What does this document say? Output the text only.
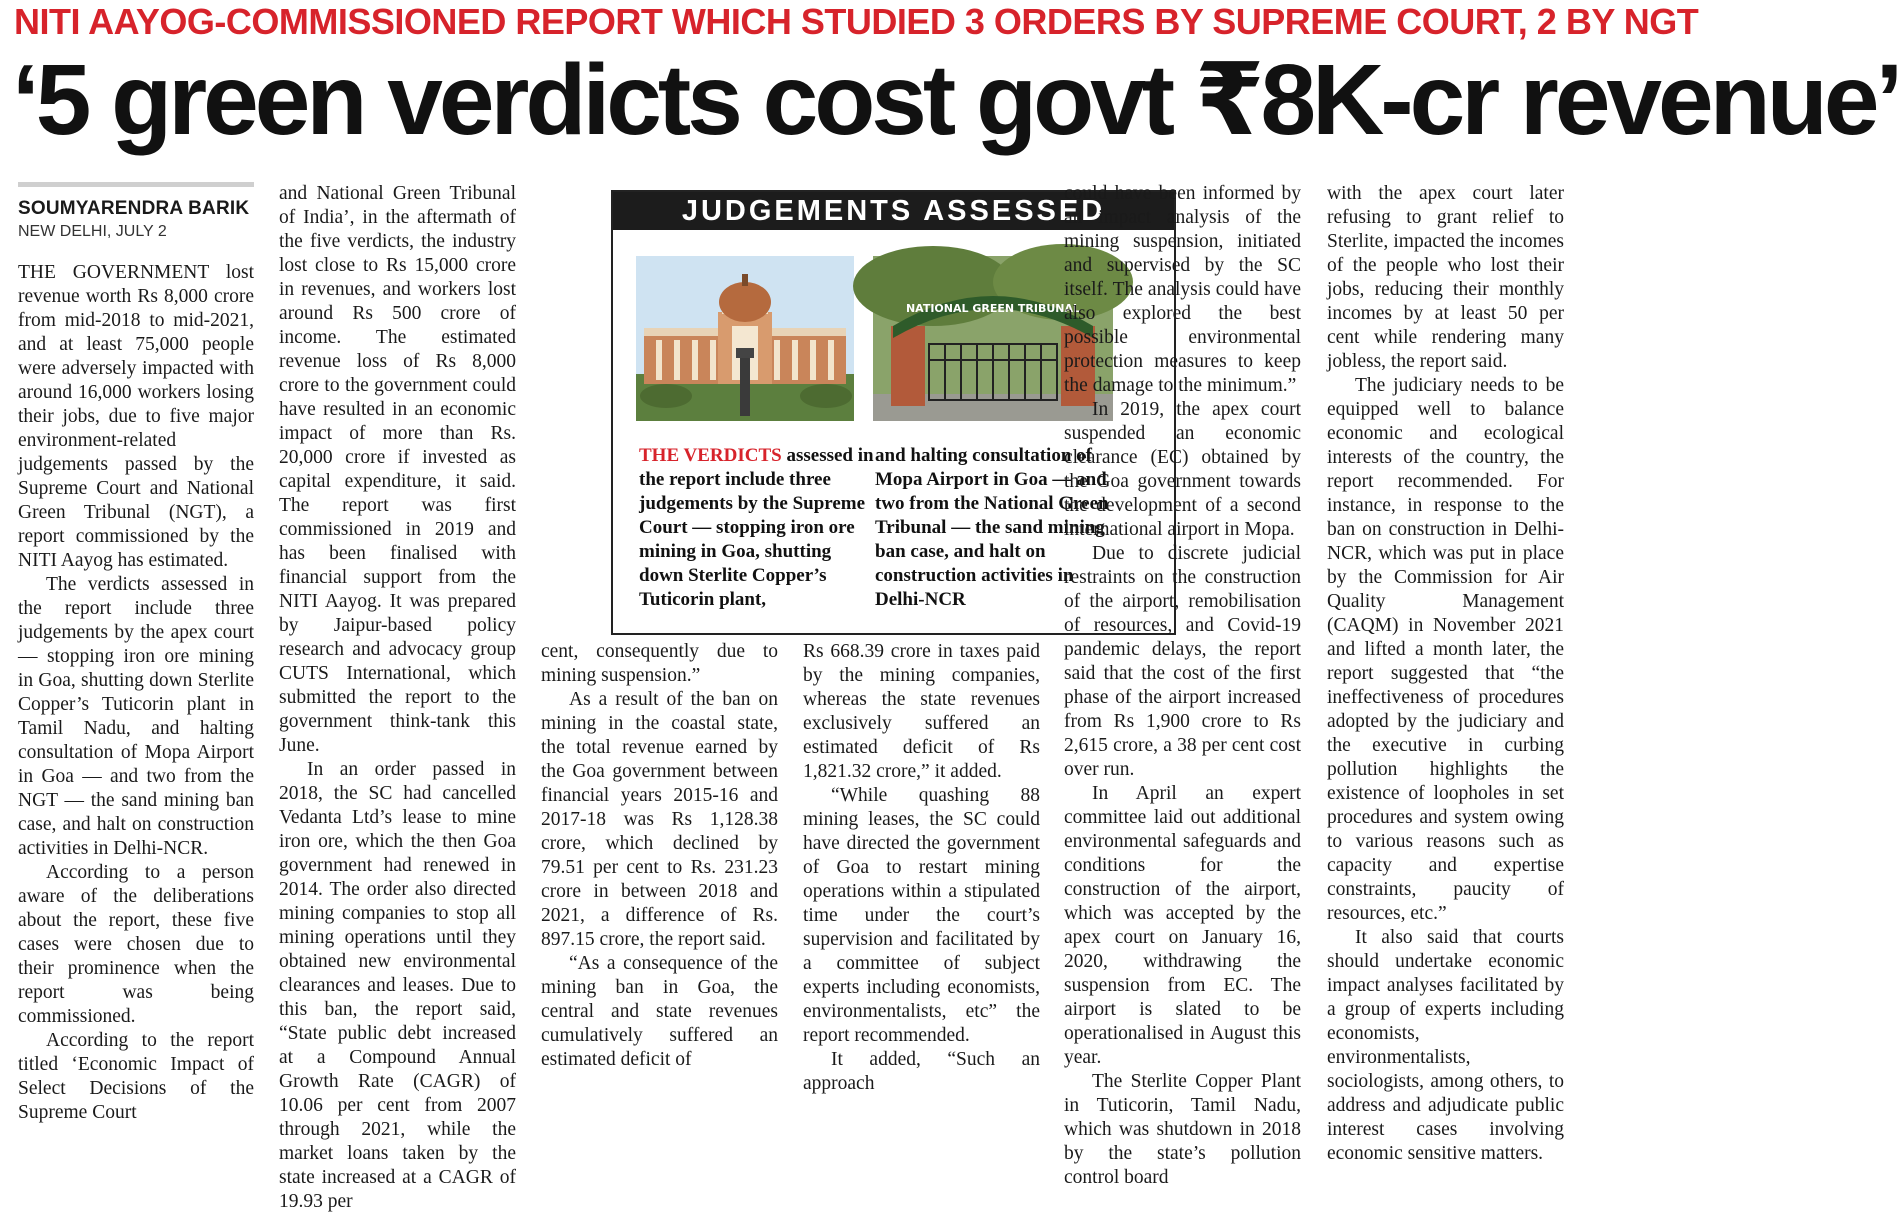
NITI AAYOG-COMMISSIONED REPORT WHICH STUDIED 3 ORDERS BY SUPREME COURT, 2 BY NGT
‘5 green verdicts cost govt ₹8K-cr revenue’
SOUMYARENDRA BARIK
NEW DELHI, JULY 2

THE GOVERNMENT lost revenue worth Rs 8,000 crore from mid-2018 to mid-2021, and at least 75,000 people were adversely impacted with around 16,000 workers losing their jobs, due to five major environment-related judgements passed by the Supreme Court and National Green Tribunal (NGT), a report commissioned by the NITI Aayog has estimated.

The verdicts assessed in the report include three judgements by the apex court — stopping iron ore mining in Goa, shutting down Sterlite Copper’s Tuticorin plant in Tamil Nadu, and halting consultation of Mopa Airport in Goa — and two from the NGT — the sand mining ban case, and halt on construction activities in Delhi-NCR.

According to a person aware of the deliberations about the report, these five cases were chosen due to their prominence when the report was being commissioned.

According to the report titled ‘Economic Impact of Select Decisions of the Supreme Court

and National Green Tribunal of India’, in the aftermath of the five verdicts, the industry lost close to Rs 15,000 crore in revenues, and workers lost around Rs 500 crore of income. The estimated revenue loss of Rs 8,000 crore to the government could have resulted in an economic impact of more than Rs. 20,000 crore if invested as capital expenditure, it said. The report was first commissioned in 2019 and has been finalised with financial support from the NITI Aayog. It was prepared by Jaipur-based policy research and advocacy group CUTS International, which submitted the report to the government think-tank this June.

In an order passed in 2018, the SC had cancelled Vedanta Ltd’s lease to mine iron ore, which the then Goa government had renewed in 2014. The order also directed mining companies to stop all mining operations until they obtained new environmental clearances and leases. Due to this ban, the report said, “State public debt increased at a Compound Annual Growth Rate (CAGR) of 10.06 per cent from 2007 through 2021, while the market loans taken by the state increased at a CAGR of 19.93 per

JUDGEMENTS ASSESSED
NATIONAL GREEN TRIBUNAL
THE VERDICTS assessed in the report include three judgements by the Supreme Court — stopping iron ore mining in Goa, shutting down Sterlite Copper’s Tuticorin plant,
and halting consultation of Mopa Airport in Goa — and two from the National Green Tribunal — the sand mining ban case, and halt on construction activities in Delhi-NCR

cent, consequently due to mining suspension.”

As a result of the ban on mining in the coastal state, the total revenue earned by the Goa government between financial years 2015-16 and 2017-18 was Rs 1,128.38 crore, which declined by 79.51 per cent to Rs. 231.23 crore in between 2018 and 2021, a difference of Rs. 897.15 crore, the report said.

“As a consequence of the mining ban in Goa, the central and state revenues cumulatively suffered an estimated deficit of

Rs 668.39 crore in taxes paid by the mining companies, whereas the state revenues exclusively suffered an estimated deficit of Rs 1,821.32 crore,” it added.

“While quashing 88 mining leases, the SC could have directed the government of Goa to restart mining operations within a stipulated time under the court’s supervision and facilitated by a committee of subject experts including economists, environmentalists, etc” the report recommended.

It added, “Such an approach

could have been informed by an impact analysis of the mining suspension, initiated and supervised by the SC itself. The analysis could have also explored the best possible environmental protection measures to keep the damage to the minimum.”

In 2019, the apex court suspended an economic clearance (EC) obtained by the Goa government towards the development of a second international airport in Mopa.

Due to discrete judicial restraints on the construction of the airport, remobilisation of resources, and Covid-19 pandemic delays, the report said that the cost of the first phase of the airport increased from Rs 1,900 crore to Rs 2,615 crore, a 38 per cent cost over run.

In April an expert committee laid out additional environmental safeguards and conditions for the construction of the airport, which was accepted by the apex court on January 16, 2020, withdrawing the suspension from EC. The airport is slated to be operationalised in August this year.

The Sterlite Copper Plant in Tuticorin, Tamil Nadu, which was shutdown in 2018 by the state’s pollution control board

with the apex court later refusing to grant relief to Sterlite, impacted the incomes of the people who lost their jobs, reducing their monthly incomes by at least 50 per cent while rendering many jobless, the report said.

The judiciary needs to be equipped well to balance economic and ecological interests of the country, the report recommended. For instance, in response to the ban on construction in Delhi-NCR, which was put in place by the Commission for Air Quality Management (CAQM) in November 2021 and lifted a month later, the report suggested that “the ineffectiveness of procedures adopted by the judiciary and the executive in curbing pollution highlights the existence of loopholes in set procedures and system owing to various reasons such as capacity and expertise constraints, paucity of resources, etc.”

It also said that courts should undertake economic impact analyses facilitated by a group of experts including economists, environmentalists, sociologists, among others, to address and adjudicate public interest cases involving economic sensitive matters.
